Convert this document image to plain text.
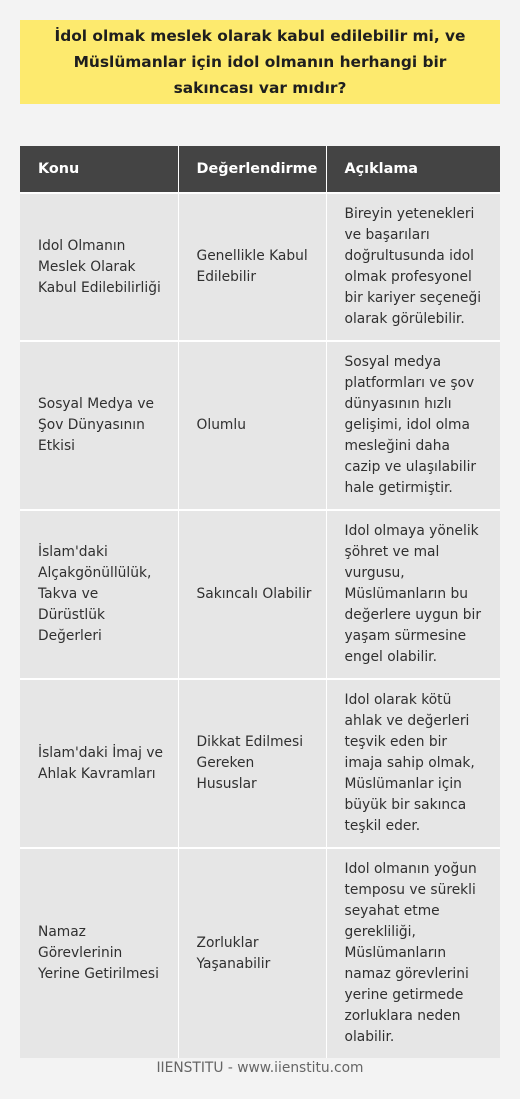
İdol olmak meslek olarak kabul edilebilir mi, ve Müslümanlar için idol olmanın herhangi bir sakıncası var mıdır?
Konu	Değerlendirme	Açıklama
Idol Olmanın Meslek Olarak Kabul Edilebilirliği	Genellikle Kabul Edilebilir	Bireyin yetenekleri ve başarıları doğrultusunda idol olmak profesyonel bir kariyer seçeneği olarak görülebilir.
Sosyal Medya ve Şov Dünyasının Etkisi	Olumlu	Sosyal medya platformları ve şov dünyasının hızlı gelişimi, idol olma mesleğini daha cazip ve ulaşılabilir hale getirmiştir.
İslam'daki Alçakgönüllülük, Takva ve Dürüstlük Değerleri	Sakıncalı Olabilir	Idol olmaya yönelik şöhret ve mal vurgusu, Müslümanların bu değerlere uygun bir yaşam sürmesine engel olabilir.
İslam'daki İmaj ve Ahlak Kavramları	Dikkat Edilmesi Gereken Hususlar	Idol olarak kötü ahlak ve değerleri teşvik eden bir imaja sahip olmak, Müslümanlar için büyük bir sakınca teşkil eder.
Namaz Görevlerinin Yerine Getirilmesi	Zorluklar Yaşanabilir	Idol olmanın yoğun temposu ve sürekli seyahat etme gerekliliği, Müslümanların namaz görevlerini yerine getirmede zorluklara neden olabilir.
IIENSTITU - www.iienstitu.com
